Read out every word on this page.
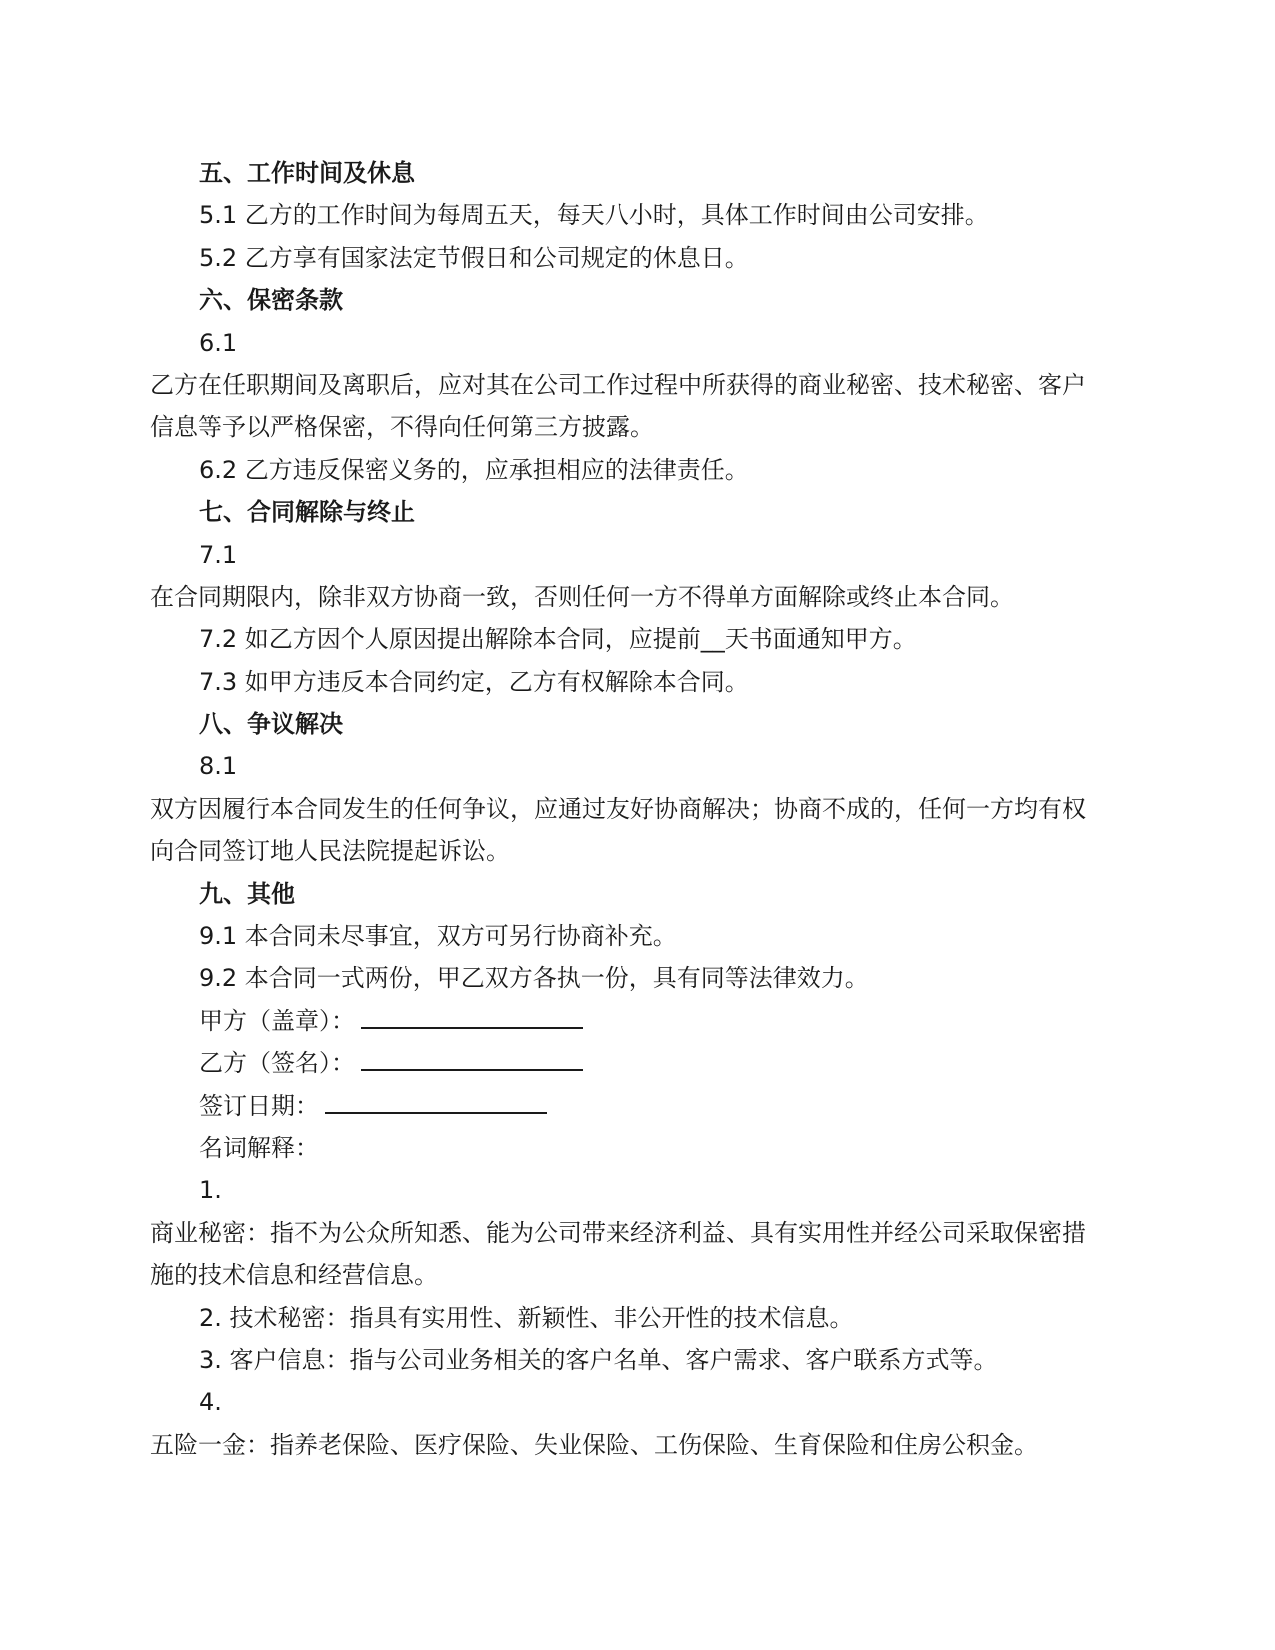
五、工作时间及休息
5.1 乙方的工作时间为每周五天，每天八小时，具体工作时间由公司安排。
5.2 乙方享有国家法定节假日和公司规定的休息日。
六、保密条款
6.1
乙方在任职期间及离职后，应对其在公司工作过程中所获得的商业秘密、技术秘密、客户
信息等予以严格保密，不得向任何第三方披露。
6.2 乙方违反保密义务的，应承担相应的法律责任。
七、合同解除与终止
7.1
在合同期限内，除非双方协商一致，否则任何一方不得单方面解除或终止本合同。
7.2 如乙方因个人原因提出解除本合同，应提前__天书面通知甲方。
7.3 如甲方违反本合同约定，乙方有权解除本合同。
八、争议解决
8.1
双方因履行本合同发生的任何争议，应通过友好协商解决；协商不成的，任何一方均有权
向合同签订地人民法院提起诉讼。
九、其他
9.1 本合同未尽事宜，双方可另行协商补充。
9.2 本合同一式两份，甲乙双方各执一份，具有同等法律效力。
甲方（盖章）：
乙方（签名）：
签订日期：
名词解释：
1.
商业秘密：指不为公众所知悉、能为公司带来经济利益、具有实用性并经公司采取保密措
施的技术信息和经营信息。
2. 技术秘密：指具有实用性、新颖性、非公开性的技术信息。
3. 客户信息：指与公司业务相关的客户名单、客户需求、客户联系方式等。
4.
五险一金：指养老保险、医疗保险、失业保险、工伤保险、生育保险和住房公积金。
